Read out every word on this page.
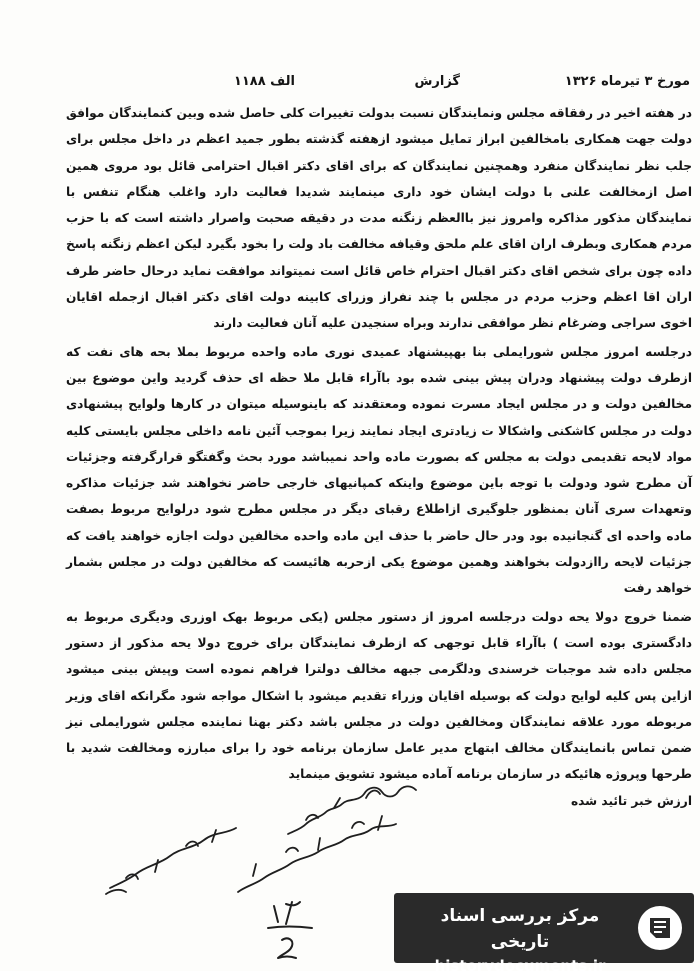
مورخ ۳ تیرماه ۱۳۲۶
گزارش
الف ۱۱۸۸

در هفته اخیر در رفقاقه مجلس ونمایندگان نسبت بدولت تغییرات کلی حاصل شده وبین کنمایندگان موافق دولت جهت همکاری بامخالفین ابراز تمایل میشود ازهفته گذشته بطور جمید اعظم در داخل مجلس برای جلب نظر نمایندگان منفرد وهمچنین نمایندگان که برای اقای دکتر اقبال احترامی قائل بود مروی همین اصل ازمخالفت علنی با دولت ایشان خود داری مینمایند شدیدا فعالیت دارد واغلب هنگام تنفس با نمایندگان مذکور مذاکره وامروز نیز باالعظم زنگنه مدت در دقیقه صحبت واصرار داشته است که با حزب مردم همکاری وبطرف اران اقای علم ملحق وقیافه مخالفت باد ولت را بخود بگیرد لیکن اعظم زنگنه پاسخ داده چون برای شخص اقای دکتر اقبال احترام خاص قائل است نمیتواند موافقت نماید درحال حاضر طرف اران اقا اعظم وحزب مردم در مجلس با چند نفراز وزرای کابینه دولت اقای دکتر اقبال ازجمله اقایان اخوی سراجی وضرغام نظر موافقی ندارند وبراه سنجیدن علیه آنان فعالیت دارند

درجلسه امروز مجلس شورایملی بنا بهپیشنهاد عمیدی نوری ماده واحده مربوط بملا بحه های نفت که ازطرف دولت پیشنهاد ودران پیش بینی شده بود باآراء قابل ملا حظه ای حذف گردید واین موضوع بین مخالفین دولت و در مجلس ایجاد مسرت نموده ومعتقدند که باینوسیله میتوان در کارها ولوایح پیشنهادی دولت در مجلس کاشکنی واشکالا ت زیادتری ایجاد نمایند زیرا بموجب آئین نامه داخلی مجلس بایستی کلیه مواد لایحه تقدیمی دولت به مجلس که بصورت ماده واحد نمیباشد مورد بحث وگفتگو قرارگرفته وجزئیات آن مطرح شود ودولت با توجه باین موضوع واینکه کمپانیهای خارجی حاضر نخواهند شد جزئیات مذاکره وتعهدات سری آنان بمنظور جلوگیری ازاطلاع رقبای دیگر در مجلس مطرح شود درلوایح مربوط بصفت ماده واحده ای گنجانیده بود ودر حال حاضر با حذف این ماده واحده مخالفین دولت اجازه خواهند یافت که جزئیات لایحه راازدولت بخواهند وهمین موضوع یکی ازحربه هائیست که مخالفین دولت در مجلس بشمار خواهد رفت

ضمنا خروج دولا یحه دولت درجلسه امروز از دستور مجلس (یکی مربوط بهک اوزری ودیگری مربوط به دادگستری بوده است ) باآراء قابل توجهی که ازطرف نمایندگان برای خروج دولا یحه مذکور از دستور مجلس داده شد موجبات خرسندی ودلگرمی جبهه مخالف دولترا فراهم نموده است وپیش بینی میشود ازاین پس کلیه لوایح دولت که بوسیله اقایان وزراء تقدیم میشود با اشکال مواجه شود مگرانکه اقای وزیر مربوطه مورد علاقه نمایندگان ومخالفین دولت در مجلس باشد دکتر بهنا نماینده مجلس شورایملی نیز ضمن تماس بانمایندگان مخالف ابتهاج مدیر عامل سازمان برنامه خود را برای مبارزه ومخالفت شدید با طرحها وپروژه هائیکه در سازمان برنامه آماده میشود تشویق مینماید

ارزش خبر تائید شده

مرکز بررسی اسناد تاریخی
historydocuments.ir
